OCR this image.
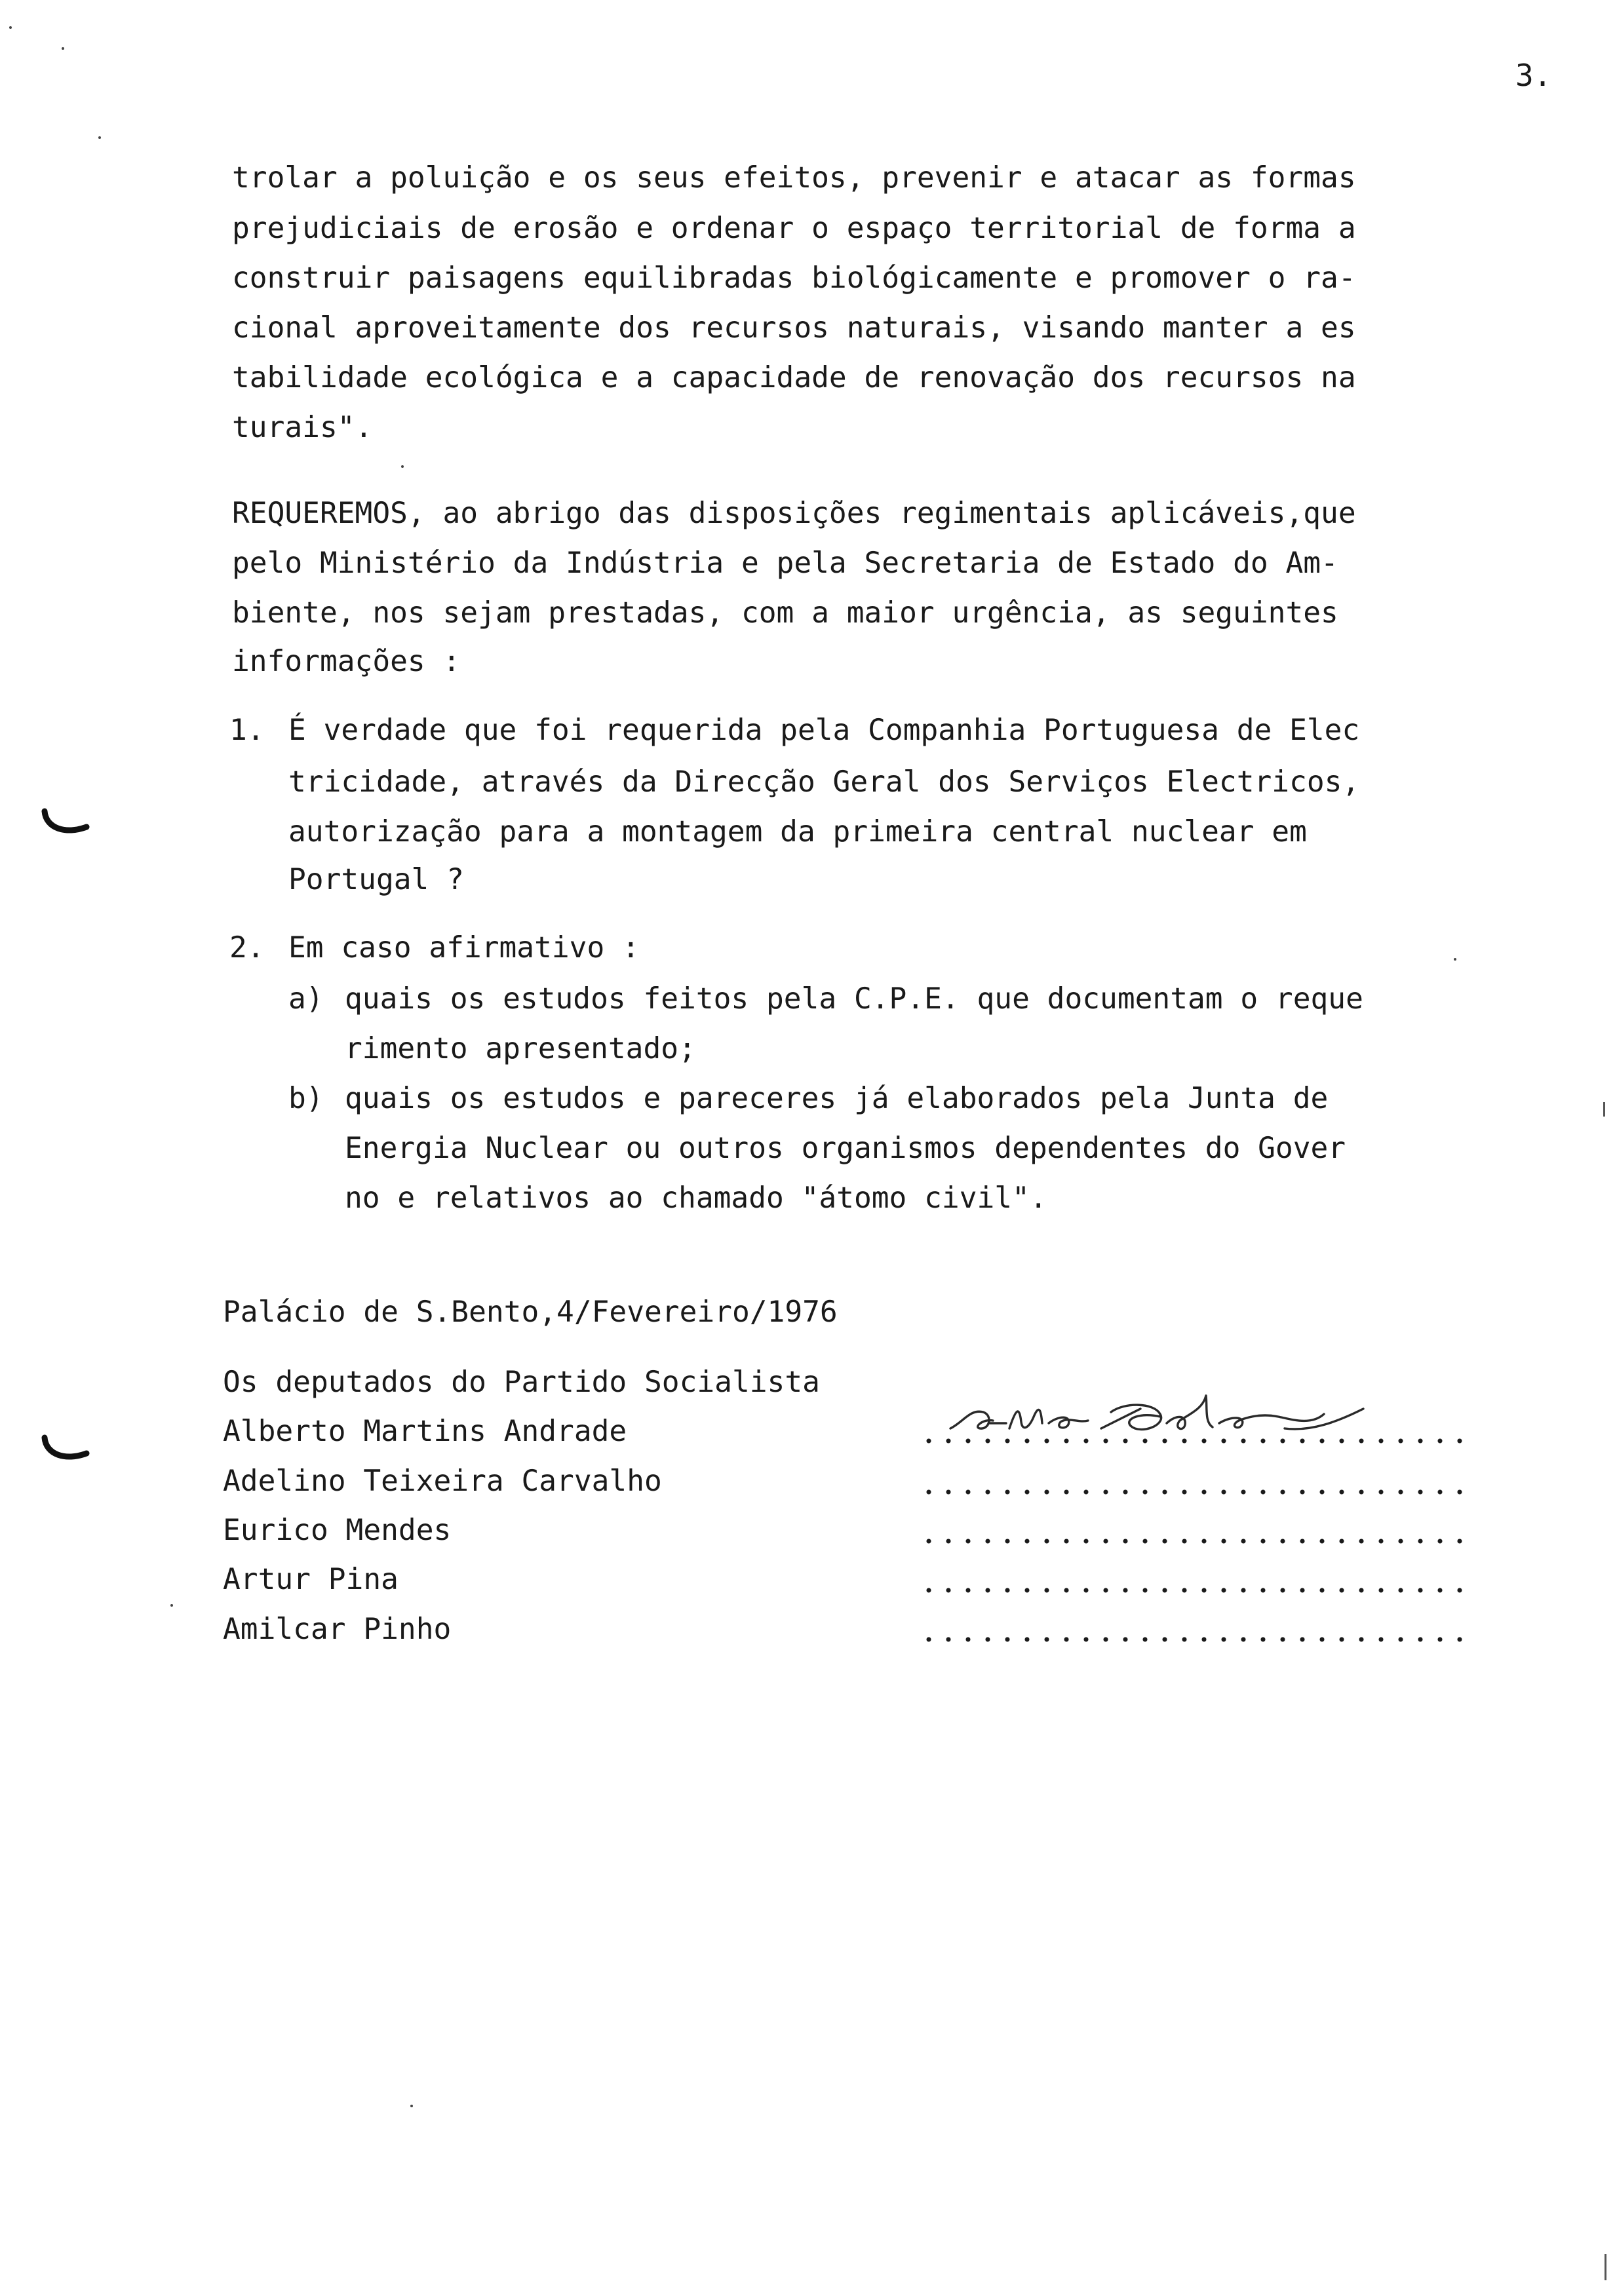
3.
trolar a poluição e os seus efeitos, prevenir e atacar as formas
prejudiciais de erosão e ordenar o espaço territorial de forma a
construir paisagens equilibradas biológicamente e promover o ra-
cional aproveitamente dos recursos naturais, visando manter a es
tabilidade ecológica e a capacidade de renovação dos recursos na
turais".
REQUEREMOS, ao abrigo das disposições regimentais aplicáveis,que
pelo Ministério da Indústria e pela Secretaria de Estado do Am-
biente, nos sejam prestadas, com a maior urgência, as seguintes
informações :
1. É verdade que foi requerida pela Companhia Portuguesa de Elec
tricidade, através da Direcção Geral dos Serviços Electricos,
autorização para a montagem da primeira central nuclear em
Portugal ?
2. Em caso afirmativo :
a) quais os estudos feitos pela C.P.E. que documentam o reque
rimento apresentado;
b) quais os estudos e pareceres já elaborados pela Junta de
Energia Nuclear ou outros organismos dependentes do Gover
no e relativos ao chamado "átomo civil".
Palácio de S.Bento,4/Fevereiro/1976
Os deputados do Partido Socialista
Alberto Martins Andrade
Adelino Teixeira Carvalho
Eurico Mendes
Artur Pina
Amilcar Pinho
